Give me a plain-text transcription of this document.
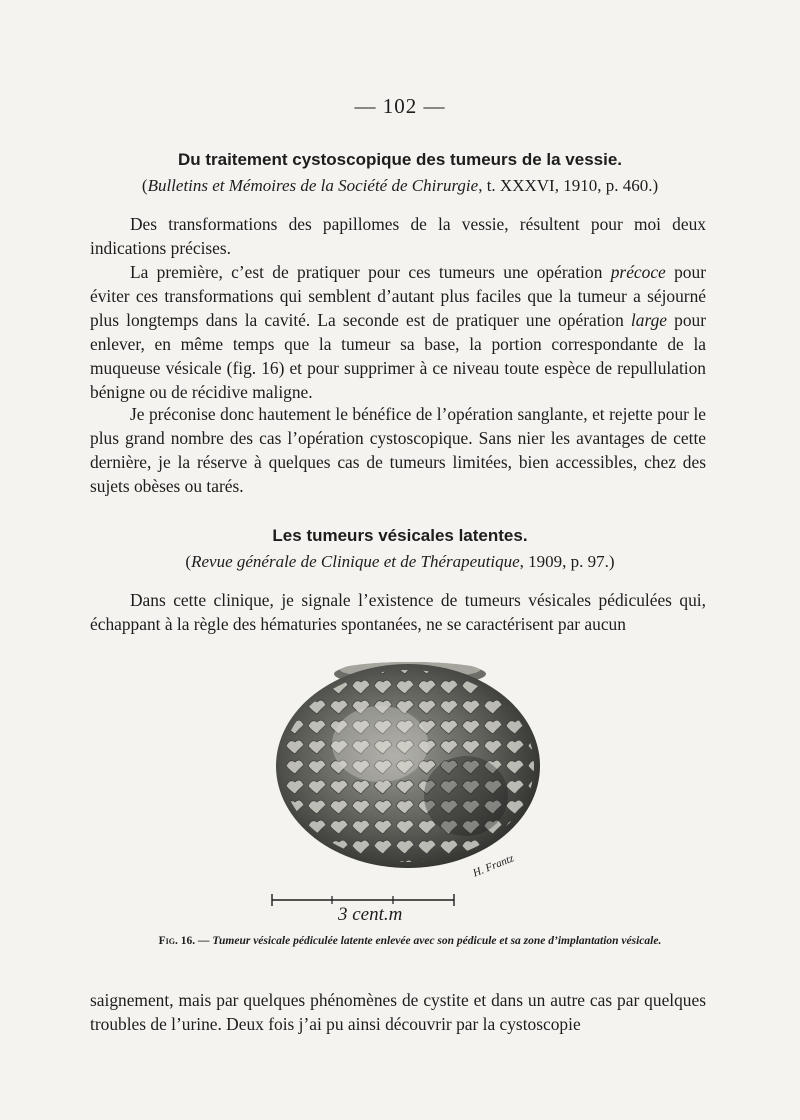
— 102 —
Du traitement cystoscopique des tumeurs de la vessie.
(Bulletins et Mémoires de la Société de Chirurgie, t. XXXVI, 1910, p. 460.)

Des transformations des papillomes de la vessie, résultent pour moi deux indications précises.

La première, c’est de pratiquer pour ces tumeurs une opération précoce pour éviter ces transformations qui semblent d’autant plus faciles que la tumeur a séjourné plus longtemps dans la cavité. La seconde est de pratiquer une opération large pour enlever, en même temps que la tumeur sa base, la portion correspondante de la muqueuse vésicale (fig. 16) et pour supprimer à ce niveau toute espèce de repullulation bénigne ou de récidive maligne.

Je préconise donc hautement le bénéfice de l’opération sanglante, et rejette pour le plus grand nombre des cas l’opération cystoscopique. Sans nier les avantages de cette dernière, je la réserve à quelques cas de tumeurs limitées, bien accessibles, chez des sujets obèses ou tarés.

Les tumeurs vésicales latentes.
(Revue générale de Clinique et de Thérapeutique, 1909, p. 97.)

Dans cette clinique, je signale l’existence de tumeurs vésicales pédiculées qui, échappant à la règle des hématuries spontanées, ne se caractérisent par aucun

H. Frantz
3 cent.m
Fig. 16. — Tumeur vésicale pédiculée latente enlevée avec son pédicule et sa zone d’implantation vésicale.

saignement, mais par quelques phénomènes de cystite et dans un autre cas par quelques troubles de l’urine. Deux fois j’ai pu ainsi découvrir par la cystoscopie
